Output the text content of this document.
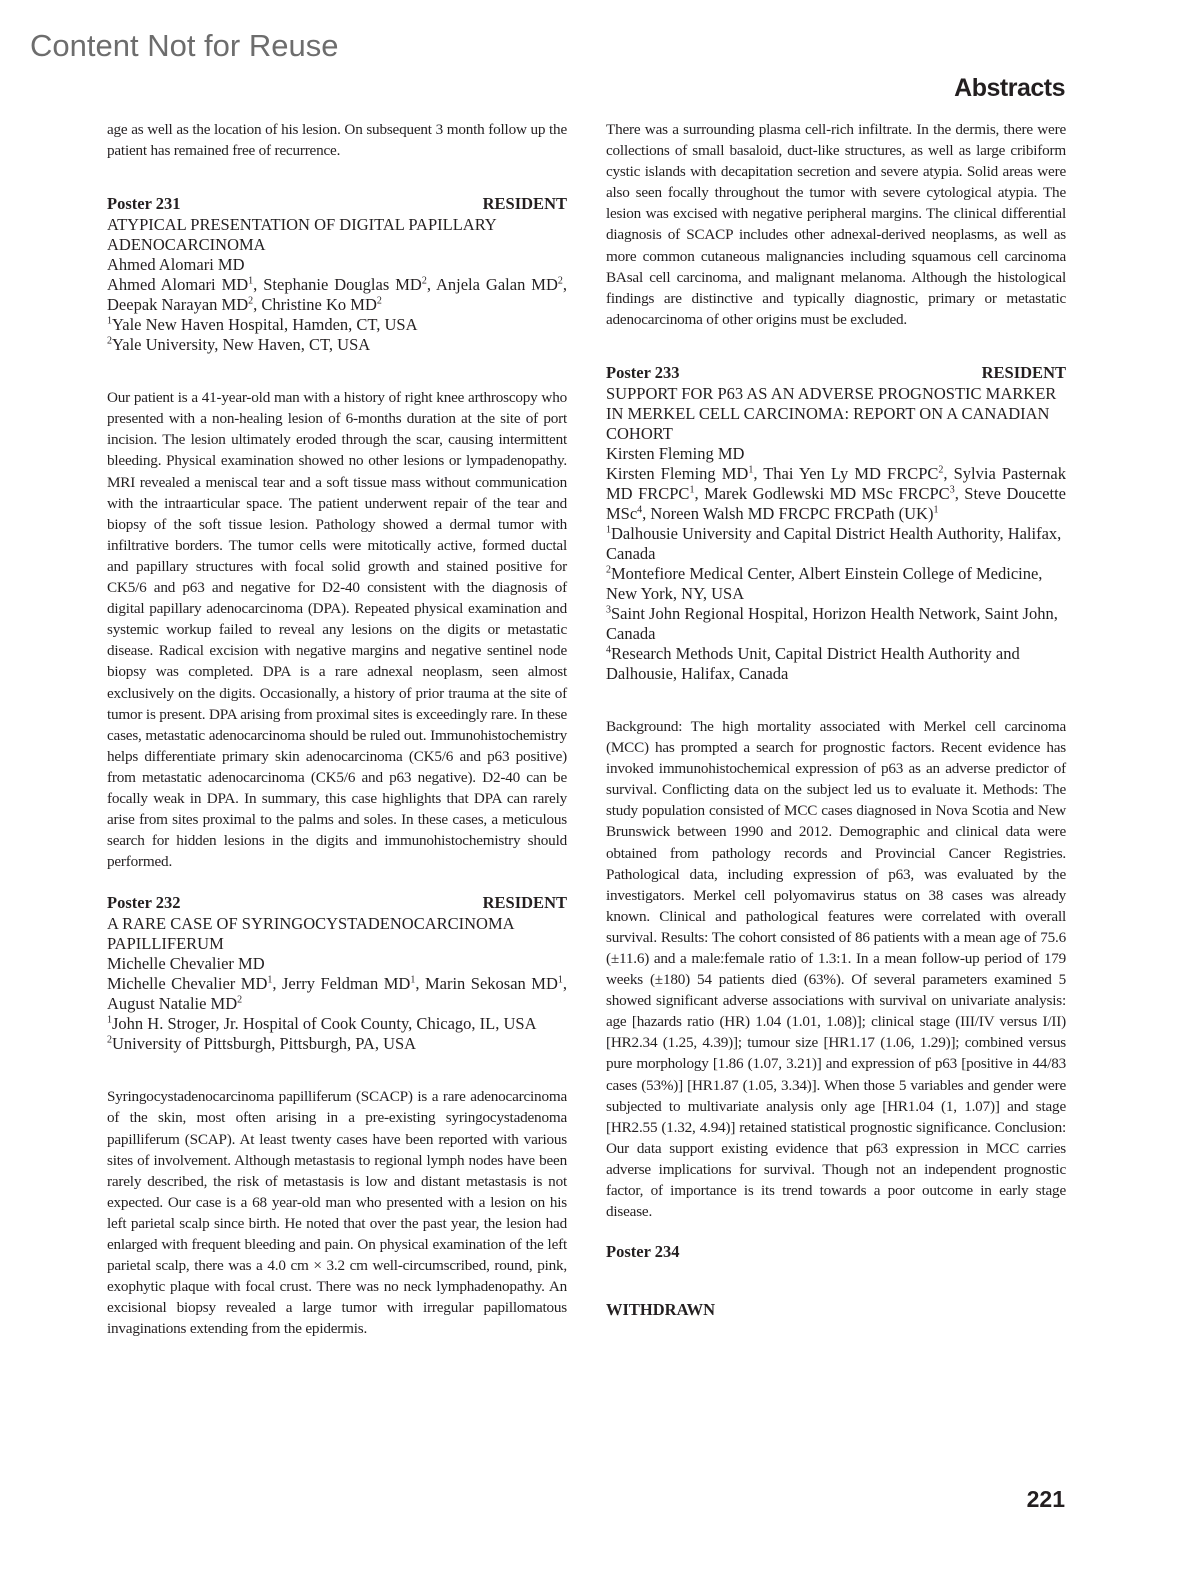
Content Not for Reuse
Abstracts

age as well as the location of his lesion. On subsequent 3 month follow up the patient has remained free of recurrence.

Poster 231	RESIDENT

ATYPICAL PRESENTATION OF DIGITAL PAPILLARY ADENOCARCINOMA

Ahmed Alomari MD

Ahmed Alomari $MD^1$, Stephanie Douglas $MD^2$, Anjela Galan $MD^2$, Deepak Narayan $MD^2$, Christine Ko $MD^2$

$^1$Yale New Haven Hospital, Hamden, CT, USA

$^2$Yale University, New Haven, CT, USA

Our patient is a 41-year-old man with a history of right knee arthroscopy who presented with a non-healing lesion of 6-months duration at the site of port incision. The lesion ultimately eroded through the scar, causing intermittent bleeding. Physical examination showed no other lesions or lympadenopathy. MRI revealed a meniscal tear and a soft tissue mass without communication with the intraarticular space. The patient underwent repair of the tear and biopsy of the soft tissue lesion. Pathology showed a dermal tumor with infiltrative borders. The tumor cells were mitotically active, formed ductal and papillary structures with focal solid growth and stained positive for CK5/6 and p63 and negative for D2-40 consistent with the diagnosis of digital papillary adenocarcinoma (DPA). Repeated physical examination and systemic workup failed to reveal any lesions on the digits or metastatic disease. Radical excision with negative margins and negative sentinel node biopsy was completed. DPA is a rare adnexal neoplasm, seen almost exclusively on the digits. Occasionally, a history of prior trauma at the site of tumor is present. DPA arising from proximal sites is exceedingly rare. In these cases, metastatic adenocarcinoma should be ruled out. Immunohistochemistry helps differentiate primary skin adenocarcinoma (CK5/6 and p63 positive) from metastatic adenocarcinoma (CK5/6 and p63 negative). D2-40 can be focally weak in DPA. In summary, this case highlights that DPA can rarely arise from sites proximal to the palms and soles. In these cases, a meticulous search for hidden lesions in the digits and immunohistochemistry should performed.

Poster 232	RESIDENT

A RARE CASE OF SYRINGOCYSTADENOCARCINOMA PAPILLIFERUM

Michelle Chevalier MD

Michelle Chevalier $MD^1$, Jerry Feldman $MD^1$, Marin Sekosan $MD^1$, August Natalie $MD^2$

$^1$John H. Stroger, Jr. Hospital of Cook County, Chicago, IL, USA

$^2$University of Pittsburgh, Pittsburgh, PA, USA

Syringocystadenocarcinoma papilliferum (SCACP) is a rare adenocarcinoma of the skin, most often arising in a pre-existing syringocystadenoma papilliferum (SCAP). At least twenty cases have been reported with various sites of involvement. Although metastasis to regional lymph nodes have been rarely described, the risk of metastasis is low and distant metastasis is not expected. Our case is a 68 year-old man who presented with a lesion on his left parietal scalp since birth. He noted that over the past year, the lesion had enlarged with frequent bleeding and pain. On physical examination of the left parietal scalp, there was a 4.0 cm × 3.2 cm well-circumscribed, round, pink, exophytic plaque with focal crust. There was no neck lymphadenopathy. An excisional biopsy revealed a large tumor with irregular papillomatous invaginations extending from the epidermis.

There was a surrounding plasma cell-rich infiltrate. In the dermis, there were collections of small basaloid, duct-like structures, as well as large cribiform cystic islands with decapitation secretion and severe atypia. Solid areas were also seen focally throughout the tumor with severe cytological atypia. The lesion was excised with negative peripheral margins. The clinical differential diagnosis of SCACP includes other adnexal-derived neoplasms, as well as more common cutaneous malignancies including squamous cell carcinoma BAsal cell carcinoma, and malignant melanoma. Although the histological findings are distinctive and typically diagnostic, primary or metastatic adenocarcinoma of other origins must be excluded.

Poster 233	RESIDENT

SUPPORT FOR P63 AS AN ADVERSE PROGNOSTIC MARKER IN MERKEL CELL CARCINOMA: REPORT ON A CANADIAN COHORT

Kirsten Fleming MD

Kirsten Fleming $MD^1$, Thai Yen Ly MD FRCPC$^2$, Sylvia Pasternak MD FRCPC$^1$, Marek Godlewski MD MSc FRCPC$^3$, Steve Doucette MSc$^4$, Noreen Walsh MD FRCPC FRCPath (UK)$^1$

$^1$Dalhousie University and Capital District Health Authority, Halifax, Canada

$^2$Montefiore Medical Center, Albert Einstein College of Medicine, New York, NY, USA

$^3$Saint John Regional Hospital, Horizon Health Network, Saint John, Canada

$^4$Research Methods Unit, Capital District Health Authority and Dalhousie, Halifax, Canada

Background: The high mortality associated with Merkel cell carcinoma (MCC) has prompted a search for prognostic factors. Recent evidence has invoked immunohistochemical expression of p63 as an adverse predictor of survival. Conflicting data on the subject led us to evaluate it. Methods: The study population consisted of MCC cases diagnosed in Nova Scotia and New Brunswick between 1990 and 2012. Demographic and clinical data were obtained from pathology records and Provincial Cancer Registries. Pathological data, including expression of p63, was evaluated by the investigators. Merkel cell polyomavirus status on 38 cases was already known. Clinical and pathological features were correlated with overall survival. Results: The cohort consisted of 86 patients with a mean age of 75.6 (±11.6) and a male:female ratio of 1.3:1. In a mean follow-up period of 179 weeks (±180) 54 patients died (63%). Of several parameters examined 5 showed significant adverse associations with survival on univariate analysis: age [hazards ratio (HR) 1.04 (1.01, 1.08)]; clinical stage (III/IV versus I/II) [HR2.34 (1.25, 4.39)]; tumour size [HR1.17 (1.06, 1.29)]; combined versus pure morphology [1.86 (1.07, 3.21)] and expression of p63 [positive in 44/83 cases (53%)] [HR1.87 (1.05, 3.34)]. When those 5 variables and gender were subjected to multivariate analysis only age [HR1.04 (1, 1.07)] and stage [HR2.55 (1.32, 4.94)] retained statistical prognostic significance. Conclusion: Our data support existing evidence that p63 expression in MCC carries adverse implications for survival. Though not an independent prognostic factor, of importance is its trend towards a poor outcome in early stage disease.

Poster 234

WITHDRAWN

221
